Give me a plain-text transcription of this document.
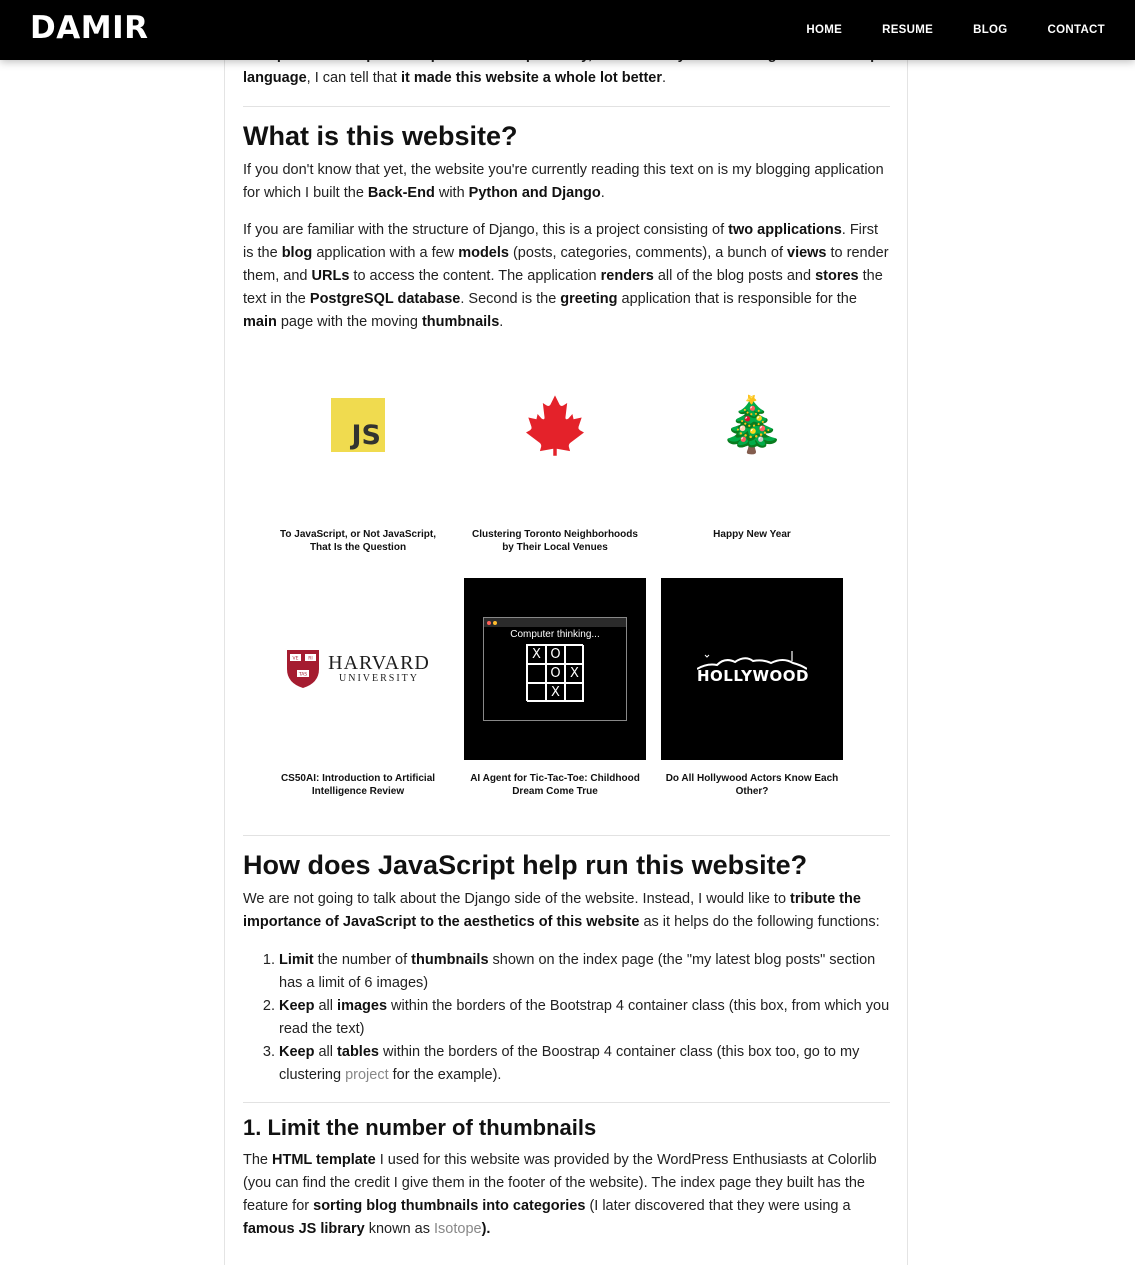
DAMIR	HOME	RESUME	BLOG	CONTACT

language, I can tell that it made this website a whole lot better.

What is this website?

If you don't know that yet, the website you're currently reading this text on is my blogging application for which I built the Back-End with Python and Django.

If you are familiar with the structure of Django, this is a project consisting of two applications. First is the blog application with a few models (posts, categories, comments), a bunch of views to render them, and URLs to access the content. The application renders all of the blog posts and stores the text in the PostgreSQL database. Second is the greeting application that is responsible for the main page with the moving thumbnails.

JS
To JavaScript, or Not JavaScript, That Is the Question
Clustering Toronto Neighborhoods by Their Local Venues
🎄
Happy New Year
VE RI
TAS
HARVARD
UNIVERSITY
CS50AI: Introduction to Artificial Intelligence Review
Computer thinking...
X O
O X
X
AI Agent for Tic-Tac-Toe: Childhood Dream Come True
HOLLYWOOD
Do All Hollywood Actors Know Each Other?
How does JavaScript help run this website?

We are not going to talk about the Django side of the website. Instead, I would like to tribute the importance of JavaScript to the aesthetics of this website as it helps do the following functions:

1. Limit the number of thumbnails shown on the index page (the "my latest blog posts" section has a limit of 6 images)
2. Keep all images within the borders of the Bootstrap 4 container class (this box, from which you read the text)
3. Keep all tables within the borders of the Boostrap 4 container class (this box too, go to my clustering project for the example).
1. Limit the number of thumbnails

The HTML template I used for this website was provided by the WordPress Enthusiasts at Colorlib (you can find the credit I give them in the footer of the website). The index page they built has the feature for sorting blog thumbnails into categories (I later discovered that they were using a famous JS library known as Isotope).
